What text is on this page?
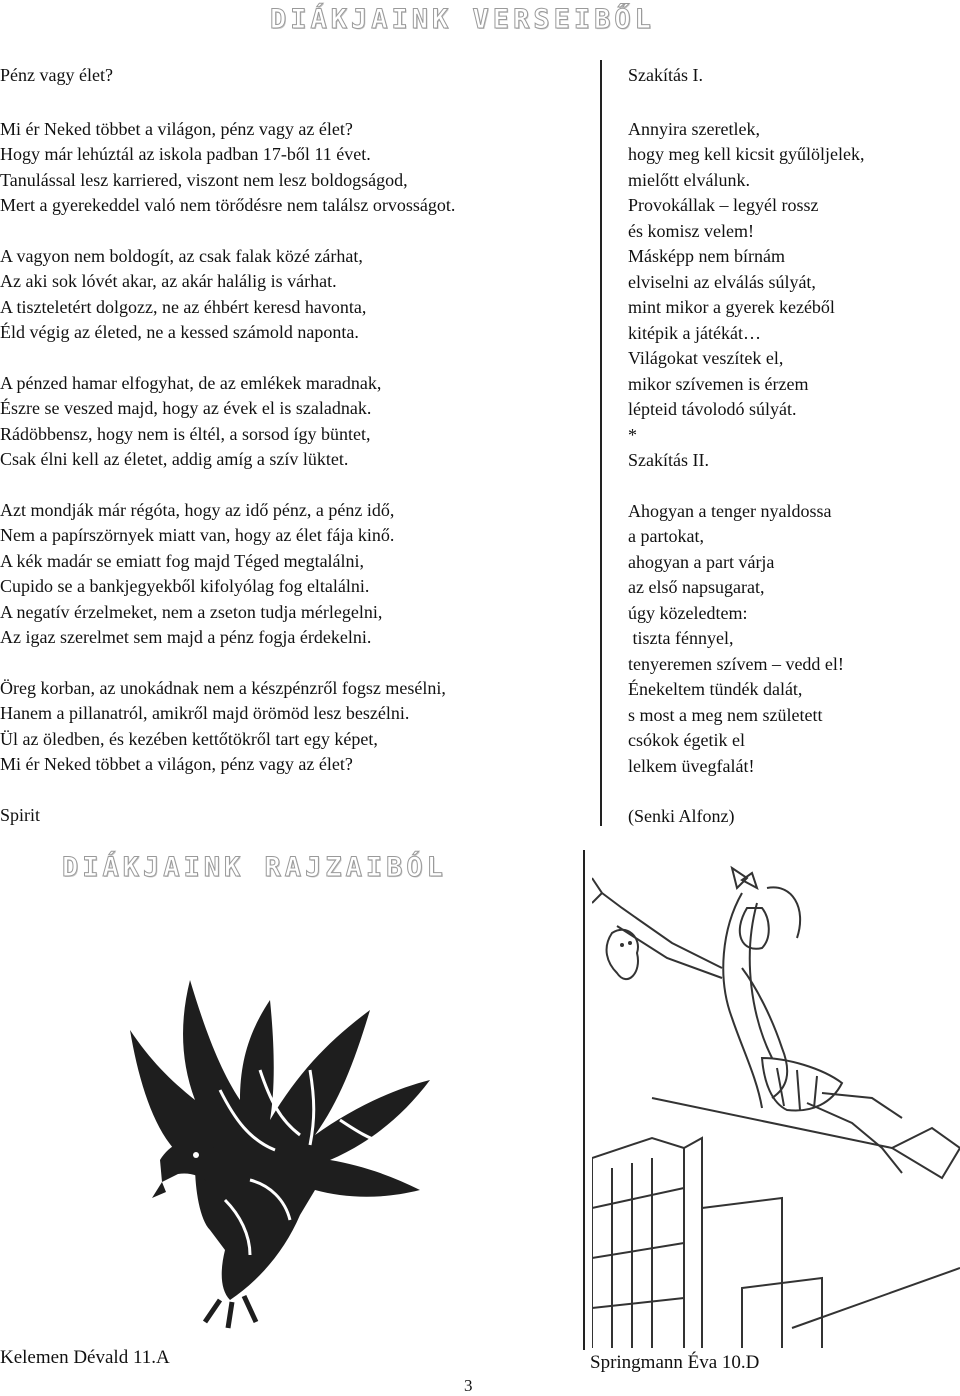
DIÁKJAINK VERSEIBŐL
Pénz vagy élet?
Mi ér Neked többet a világon, pénz vagy az élet?
Hogy már lehúztál az iskola padban 17-ből 11 évet.
Tanulással lesz karriered, viszont nem lesz boldogságod,
Mert a gyerekeddel való nem törődésre nem találsz orvosságot.
A vagyon nem boldogít, az csak falak közé zárhat,
Az aki sok lóvét akar, az akár halálig is várhat.
A tiszteletért dolgozz, ne az éhbért keresd havonta,
Éld végig az életed, ne a kessed számold naponta.
A pénzed hamar elfogyhat, de az emlékek maradnak,
Észre se veszed majd, hogy az évek el is szaladnak.
Rádöbbensz, hogy nem is éltél, a sorsod így büntet,
Csak élni kell az életet, addig amíg a szív lüktet.
Azt mondják már régóta, hogy az idő pénz, a pénz idő,
Nem a papírszörnyek miatt van, hogy az élet fája kinő.
A kék madár se emiatt fog majd Téged megtalálni,
Cupido se a bankjegyekből kifolyólag fog eltalálni.
A negatív érzelmeket, nem a zseton tudja mérlegelni,
Az igaz szerelmet sem majd a pénz fogja érdekelni.
Öreg korban, az unokádnak nem a készpénzről fogsz mesélni,
Hanem a pillanatról, amikről majd örömöd lesz beszélni.
Ül az öledben, és kezében kettőtökről tart egy képet,
Mi ér Neked többet a világon, pénz vagy az élet?
Spirit
Szakítás I.
Annyira szeretlek,
hogy meg kell kicsit gyűlöljelek,
mielőtt elválunk.
Provokállak – legyél rossz
és komisz velem!
Másképp nem bírnám
elviselni az elválás súlyát,
mint mikor a gyerek kezéből
kitépik a játékát…
Világokat veszítek el,
mikor szívemen is érzem
lépteid távolodó súlyát.
*
Szakítás II.
Ahogyan a tenger nyaldossa
a partokat,
ahogyan a part várja
az első napsugarat,
úgy közeledtem:
tiszta fénnyel,
tenyeremen szívem – vedd el!
Énekeltem tündék dalát,
s most a meg nem született
csókok égetik el
lelkem üvegfalát!
(Senki Alfonz)
DIÁKJAINK RAJZAIBÓL
Kelemen Dévald 11.A	Springmann Éva 10.D
3
